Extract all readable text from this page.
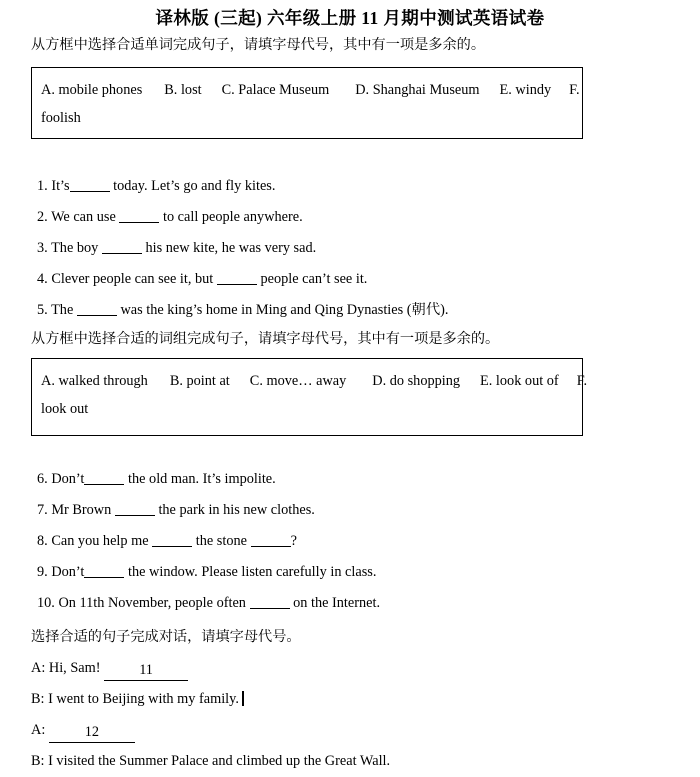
译林版 (三起) 六年级上册 11 月期中测试英语试卷
从方框中选择合适单词完成句子，请填字母代号，其中有一项是多余的。
A. mobile phones B. lost C. Palace Museum D. Shanghai Museum E. windy F.
foolish
1. It’s	today. Let’s go and fly kites.
2. We can use	to call people anywhere.
3. The boy	his new kite, he was very sad.
4. Clever people can see it, but	people can’t see it.
5. The	was the king’s home in Ming and Qing Dynasties (朝代).
从方框中选择合适的词组完成句子，请填字母代号，其中有一项是多余的。
A. walked through B. point at C. move… away D. do shopping E. look out of F.
look out
6. Don’t	the old man. It’s impolite.
7. Mr Brown	the park in his new clothes.
8. Can you help me	the stone	?
9. Don’t	the window. Please listen carefully in class.
10. On 11th November, people often	on the Internet.
选择合适的句子完成对话，请填字母代号。
A: Hi, Sam!	11
B: I went to Beijing with my family.
A:	12
B: I visited the Summer Palace and climbed up the Great Wall.
